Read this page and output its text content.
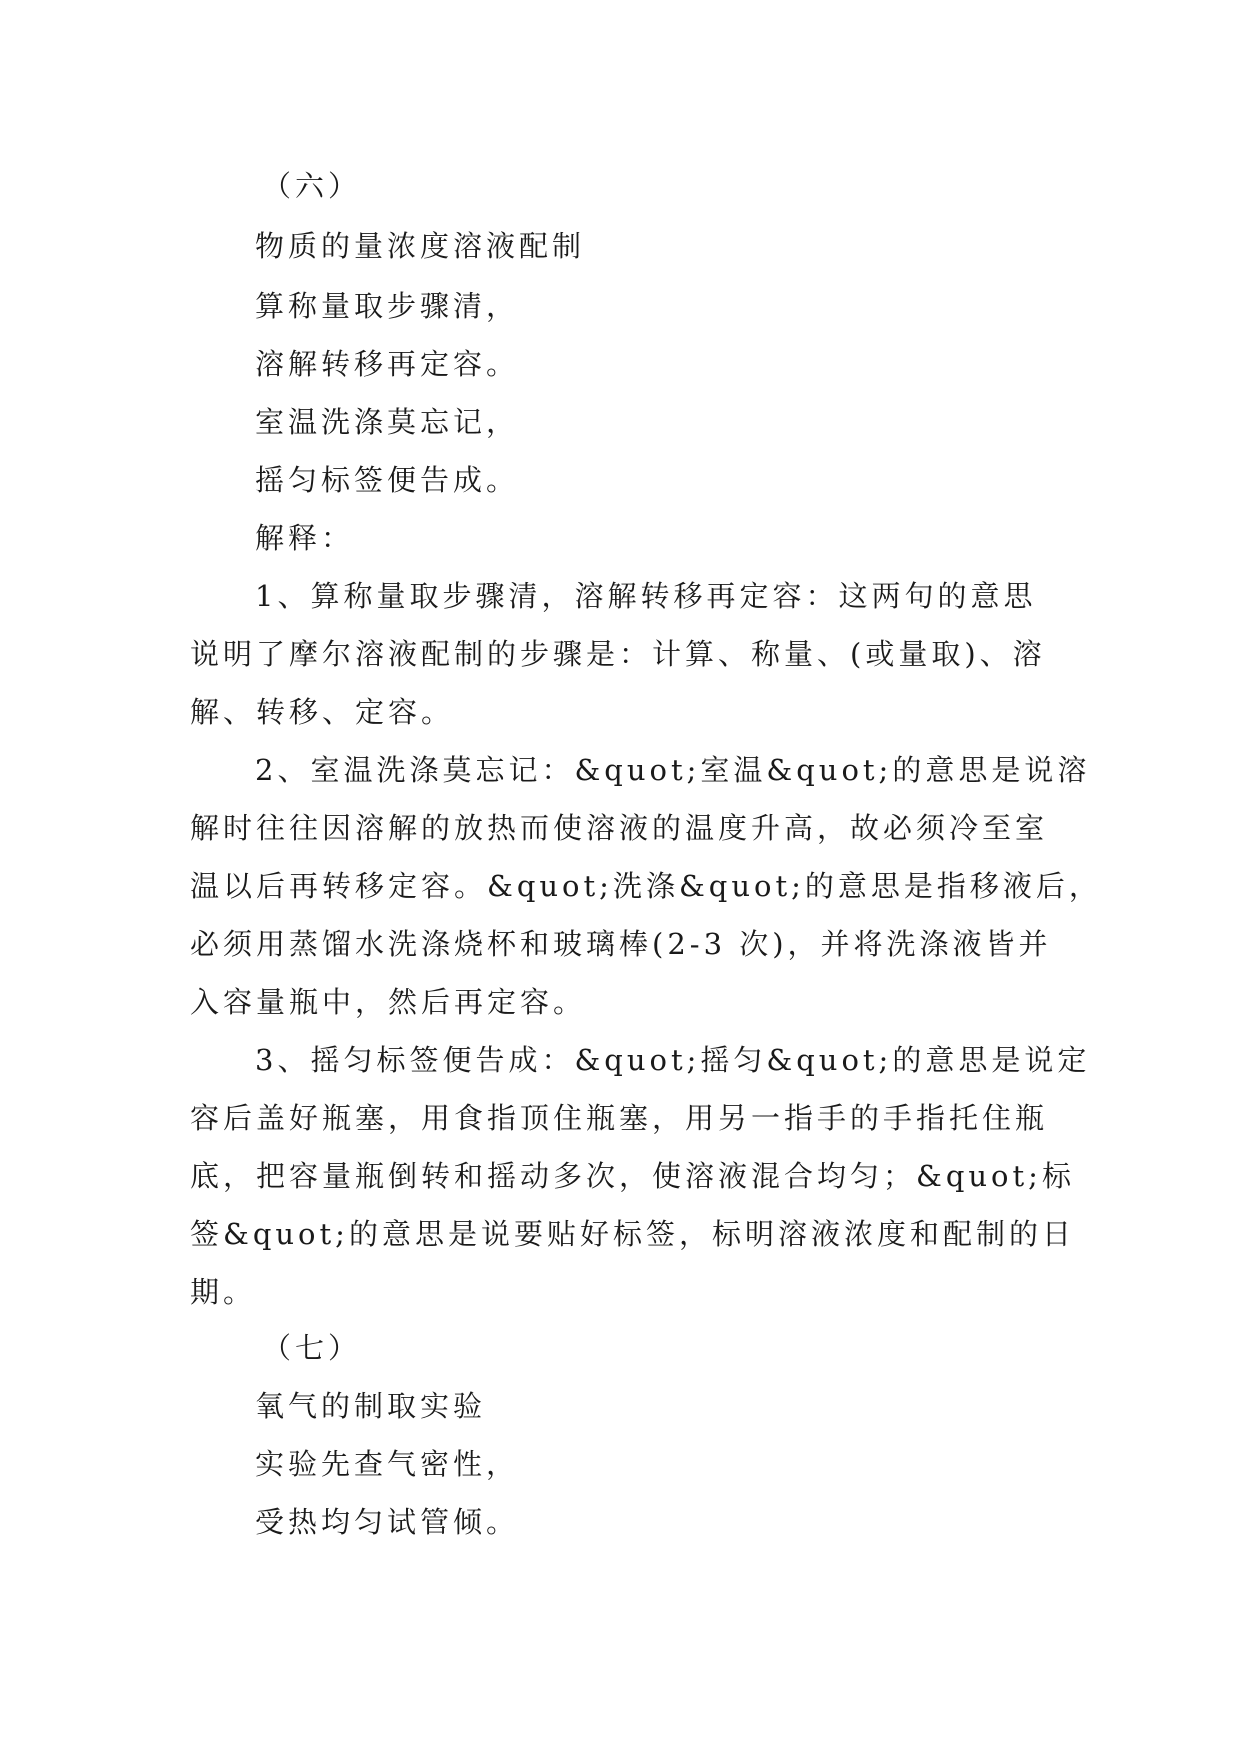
（六）
物质的量浓度溶液配制
算称量取步骤清，
溶解转移再定容。
室温洗涤莫忘记，
摇匀标签便告成。
解释：
1、算称量取步骤清，溶解转移再定容：这两句的意思
说明了摩尔溶液配制的步骤是：计算、称量、(或量取)、溶
解、转移、定容。
2、室温洗涤莫忘记：&quot;室温&quot;的意思是说溶
解时往往因溶解的放热而使溶液的温度升高，故必须冷至室
温以后再转移定容。&quot;洗涤&quot;的意思是指移液后，
必须用蒸馏水洗涤烧杯和玻璃棒(2-3 次)，并将洗涤液皆并
入容量瓶中，然后再定容。
3、摇匀标签便告成：&quot;摇匀&quot;的意思是说定
容后盖好瓶塞，用食指顶住瓶塞，用另一指手的手指托住瓶
底，把容量瓶倒转和摇动多次，使溶液混合均匀；&quot;标
签&quot;的意思是说要贴好标签，标明溶液浓度和配制的日
期。
（七）
氧气的制取实验
实验先查气密性，
受热均匀试管倾。
